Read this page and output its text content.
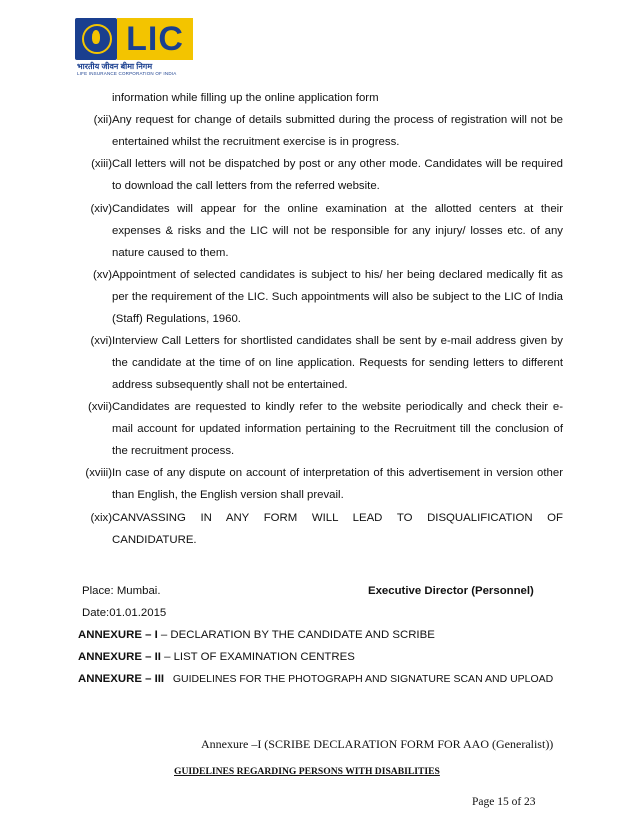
LIC
भारतीय जीवन बीमा निगम
LIFE INSURANCE CORPORATION OF INDIA
information while filling up the online application form
(xii) Any request for change of details submitted during the process of registration will not be
entertained whilst the recruitment exercise is in progress.
(xiii) Call letters will not be dispatched by post or any other mode. Candidates will be required
to download the call letters from the referred website.
(xiv) Candidates will appear for the online examination at the allotted centers at their
expenses & risks and the LIC will not be responsible for any injury/ losses etc. of any
nature caused to them.
(xv) Appointment of selected candidates is subject to his/ her being declared medically fit as
per the requirement of the LIC. Such appointments will also be subject to the LIC of India
(Staff) Regulations, 1960.
(xvi) Interview Call Letters for shortlisted candidates shall be sent by e-mail address given by
the candidate at the time of on line application. Requests for sending letters to different
address subsequently shall not be entertained.
(xvii) Candidates are requested to kindly refer to the website periodically and check their e-
mail account for updated information pertaining to the Recruitment till the conclusion of
the recruitment process.
(xviii) In case of any dispute on account of interpretation of this advertisement in version other
than English, the English version shall prevail.
(xix) CANVASSING IN ANY FORM WILL LEAD TO DISQUALIFICATION OF
CANDIDATURE.
Place: Mumbai.	Executive Director (Personnel)
Date:01.01.2015
ANNEXURE – I – DECLARATION BY THE CANDIDATE AND SCRIBE
ANNEXURE – II – LIST OF EXAMINATION CENTRES
ANNEXURE – III   GUIDELINES FOR THE PHOTOGRAPH AND SIGNATURE SCAN AND UPLOAD
Annexure –I (SCRIBE DECLARATION FORM FOR AAO (Generalist))
GUIDELINES REGARDING PERSONS WITH DISABILITIES
Page 15 of 23
